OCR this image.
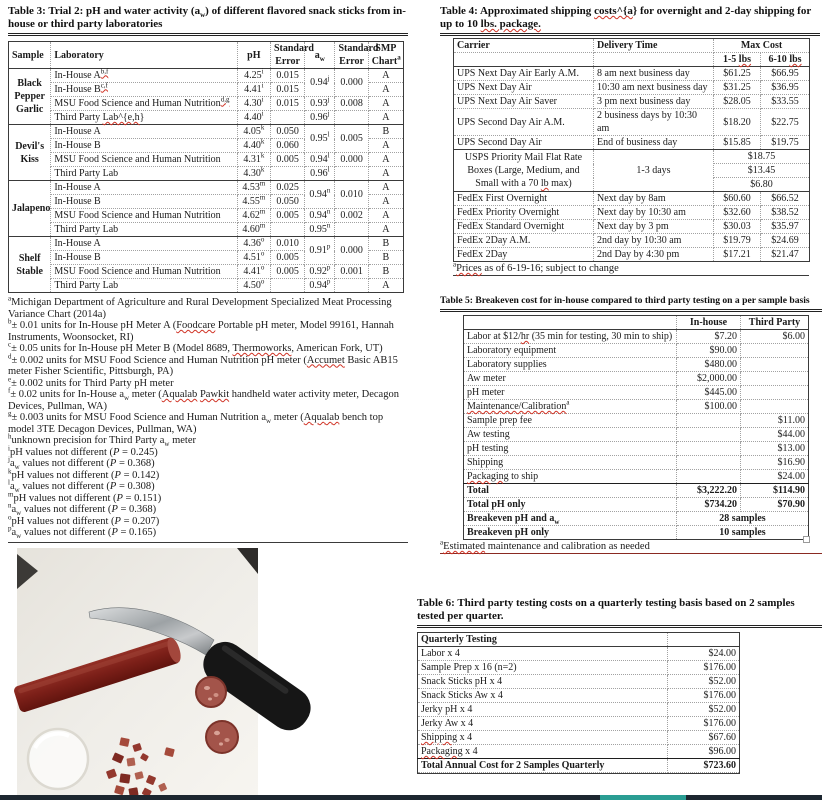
Table 3: Trial 2: pH and water activity $(a_w)$ of different flavored snack sticks from in-house or third party laboratories
Sample	Laboratory	pH	Standard Error	$a_w$	Standard Error	SMP Chart$^a$
Black Pepper Garlic	In-House A$^{b,f}$	4.25$^i$	0.015	0.94$^j$	0.000	A
	In-House B$^{c,f}$	4.41$^i$	0.015			A
	MSU Food Science and Human Nutrition$^{d,g}$	4.30$^i$	0.015	0.93$^j$	0.008	A
	Third Party Lab^{e,h}	4.40$^i$		0.96$^j$		A
Devil's Kiss	In-House A	4.05$^k$	0.050	0.95$^l$	0.005	B
	In-House B	4.40$^k$	0.060			A
	MSU Food Science and Human Nutrition	4.31$^k$	0.005	0.94$^l$	0.000	A
	Third Party Lab	4.30$^k$		0.96$^l$		A
Jalapeno	In-House A	4.53$^m$	0.025	0.94$^n$	0.010	A
	In-House B	4.55$^m$	0.050			A
	MSU Food Science and Human Nutrition	4.62$^m$	0.005	0.94$^n$	0.002	A
	Third Party Lab	4.60$^m$		0.95$^n$		A
Shelf Stable	In-House A	4.36$^o$	0.010	0.91$^p$	0.000	B
	In-House B	4.51$^o$	0.005			B
	MSU Food Science and Human Nutrition	4.41$^o$	0.005	0.92$^p$	0.001	B
	Third Party Lab	4.50$^o$		0.94$^p$		A
$^a$Michigan Department of Agriculture and Rural Development Specialized Meat Processing Variance Chart (2014a)
$^b$± 0.01 units for In-House pH Meter A (Foodcare Portable pH meter, Model 99161, Hannah Instruments, Woonsocket, RI)
$^c$± 0.05 units for In-House pH Meter B (Model 8689, Thermoworks, American Fork, UT)
$^d$± 0.002 units for MSU Food Science and Human Nutrition pH meter (Accumet Basic AB15 meter Fisher Scientific, Pittsburgh, PA)
$^e$± 0.002 units for Third Party pH meter
$^f$± 0.02 units for In-House $a_w$ meter (Aqualab Pawkit handheld water activity meter, Decagon Devices, Pullman, WA)
$^g$± 0.003 units for MSU Food Science and Human Nutrition $a_w$ meter (Aqualab bench top model 3TE Decagon Devices, Pullman, WA)
$^h$unknown precision for Third Party $a_w$ meter
$^i$pH values not different (P = 0.245)
$^ja_w$ values not different (P = 0.368)
$^k$pH values not different (P = 0.142)
$^la_w$ values not different (P = 0.308)
$^m$pH values not different (P = 0.151)
$^na_w$ values not different (P = 0.368)
$^o$pH values not different (P = 0.207)
$^pa_w$ values not different (P = 0.165)
Table 4: Approximated shipping costs^{a} for overnight and 2-day shipping for up to 10 lbs. package.
Carrier	Delivery Time	Max Cost	
		1-5 lbs	6-10 lbs
UPS Next Day Air Early A.M.	8 am next business day	$61.25	$66.95
UPS Next Day Air	10:30 am next business day	$31.25	$36.95
UPS Next Day Air Saver	3 pm next business day	$28.05	$33.55
UPS Second Day Air A.M.	2 business days by 10:30 am	$18.20	$22.75
UPS Second Day Air	End of business day	$15.85	$19.75
USPS Priority Mail Flat Rate Boxes (Large, Medium, and Small with a 70 lb max)	1-3 days	$18.75	
		$13.45	
		$6.80	
FedEx First Overnight	Next day by 8am	$60.60	$66.52
FedEx Priority Overnight	Next day by 10:30 am	$32.60	$38.52
FedEx Standard Overnight	Next day by 3 pm	$30.03	$35.97
FedEx 2Day A.M.	2nd day by 10:30 am	$19.79	$24.69
FedEx 2Day	2nd Day by 4:30 pm	$17.21	$21.47
$^a$Prices as of 6-19-16; subject to change
Table 5: Breakeven cost for in-house compared to third party testing on a per sample basis
	In-house	Third Party
Labor at $12/hr (35 min for testing, 30 min to ship)	$7.20	$6.00
Laboratory equipment	$90.00	
Laboratory supplies	$480.00	
Aw meter	$2,000.00	
pH meter	$445.00	
Maintenance/Calibration$^a$	$100.00	
Sample prep fee		$11.00
Aw testing		$44.00
pH testing		$13.00
Shipping		$16.90
Packaging to ship		$24.00
Total	$3,222.20	$114.90
Total pH only	$734.20	$70.90
Breakeven pH and $a_w$	28 samples	
Breakeven pH only	10 samples	
$^a$Estimated maintenance and calibration as needed
Table 6: Third party testing costs on a quarterly testing basis based on 2 samples tested per quarter.
Quarterly Testing	
Labor x 4	$24.00
Sample Prep x 16 (n=2)	$176.00
Snack Sticks pH x 4	$52.00
Snack Sticks Aw x 4	$176.00
Jerky pH x 4	$52.00
Jerky Aw x 4	$176.00
Shipping x 4	$67.60
Packaging x 4	$96.00
Total Annual Cost for 2 Samples Quarterly	$723.60
